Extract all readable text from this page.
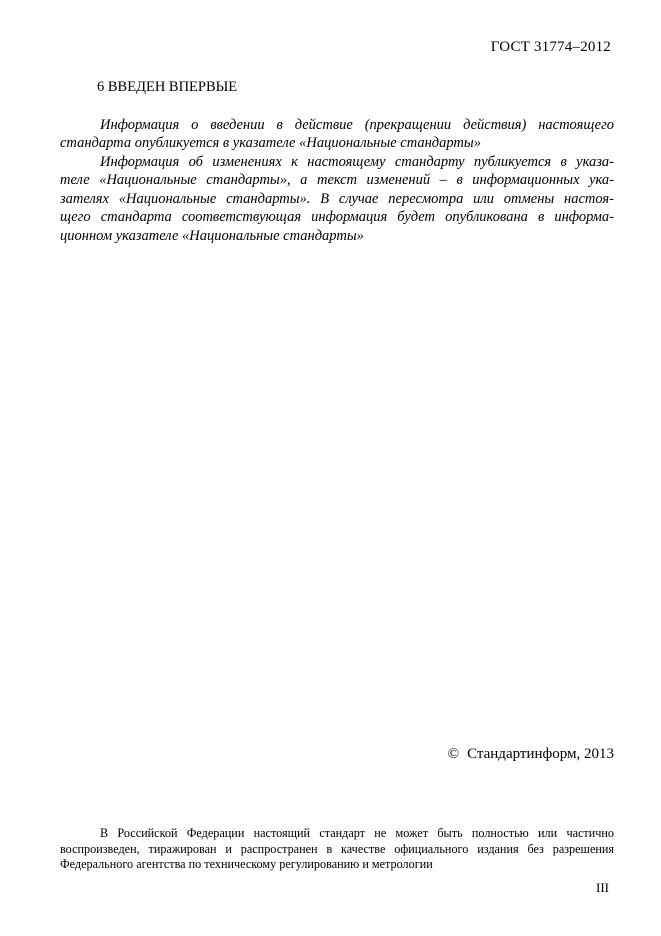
ГОСТ 31774–2012
6 ВВЕДЕН ВПЕРВЫЕ
Информация о введении в действие (прекращении действия) настоящего
стандарта опубликуется в указателе «Национальные стандарты»
Информация об изменениях к настоящему стандарту публикуется в указа-
теле «Национальные стандарты», а текст изменений – в информационных ука-
зателях «Национальные стандарты». В случае пересмотра или отмены настоя-
щего стандарта соответствующая информация будет опубликована в информа-
ционном указателе «Национальные стандарты»
© Стандартинформ, 2013
В Российской Федерации настоящий стандарт не может быть полностью или частично
воспроизведен, тиражирован и распространен в качестве официального издания без разрешения
Федерального агентства по техническому регулированию и метрологии
III
